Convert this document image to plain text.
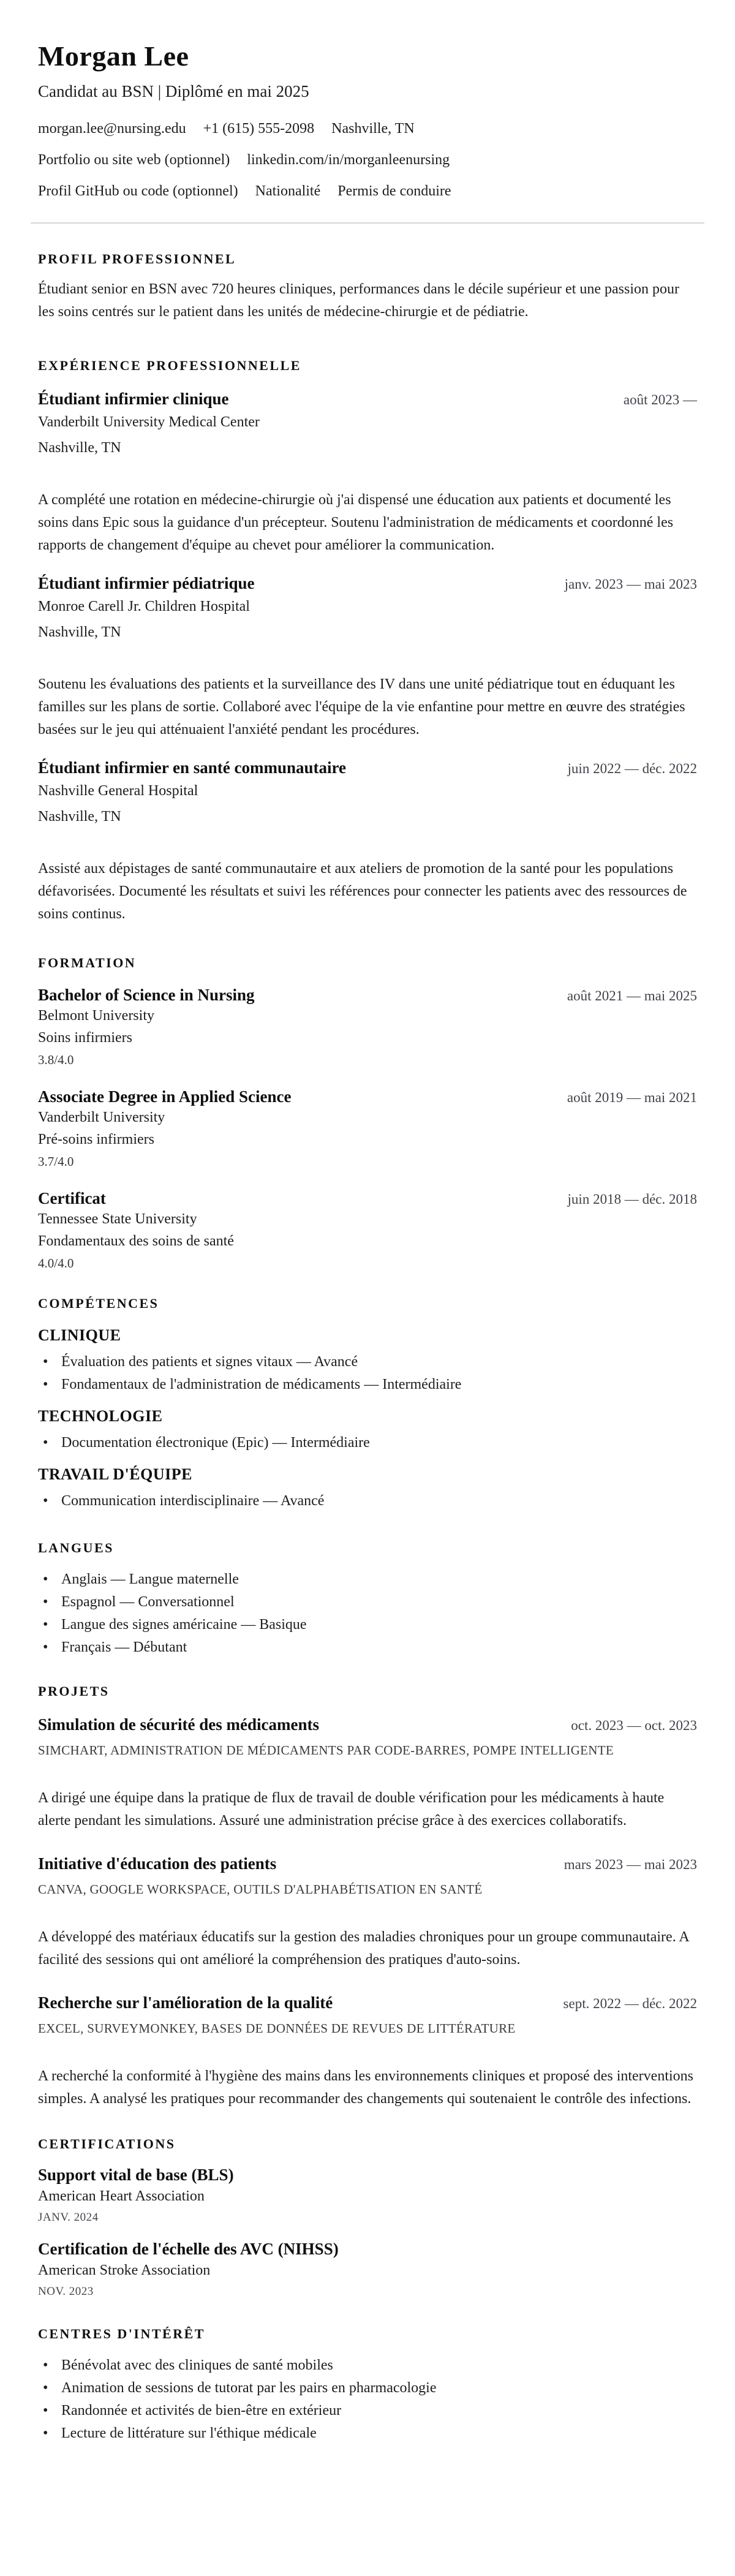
Morgan Lee
Candidat au BSN | Diplômé en mai 2025
morgan.lee@nursing.edu +1 (615) 555-2098 Nashville, TN
Portfolio ou site web (optionnel) linkedin.com/in/morganleenursing
Profil GitHub ou code (optionnel) Nationalité Permis de conduire
PROFIL PROFESSIONNEL

Étudiant senior en BSN avec 720 heures cliniques, performances dans le décile supérieur et une passion pour les soins centrés sur le patient dans les unités de médecine-chirurgie et de pédiatrie.

EXPÉRIENCE PROFESSIONNELLE
Étudiant infirmier clinique	août 2023 —
Vanderbilt University Medical Center
Nashville, TN

A complété une rotation en médecine-chirurgie où j'ai dispensé une éducation aux patients et documenté les soins dans Epic sous la guidance d'un précepteur. Soutenu l'administration de médicaments et coordonné les rapports de changement d'équipe au chevet pour améliorer la communication.

Étudiant infirmier pédiatrique	janv. 2023 — mai 2023
Monroe Carell Jr. Children Hospital
Nashville, TN

Soutenu les évaluations des patients et la surveillance des IV dans une unité pédiatrique tout en éduquant les familles sur les plans de sortie. Collaboré avec l'équipe de la vie enfantine pour mettre en œuvre des stratégies basées sur le jeu qui atténuaient l'anxiété pendant les procédures.

Étudiant infirmier en santé communautaire	juin 2022 — déc. 2022
Nashville General Hospital
Nashville, TN

Assisté aux dépistages de santé communautaire et aux ateliers de promotion de la santé pour les populations défavorisées. Documenté les résultats et suivi les références pour connecter les patients avec des ressources de soins continus.

FORMATION
Bachelor of Science in Nursing	août 2021 — mai 2025
Belmont University
Soins infirmiers
3.8/4.0
Associate Degree in Applied Science	août 2019 — mai 2021
Vanderbilt University
Pré-soins infirmiers
3.7/4.0
Certificat	juin 2018 — déc. 2018
Tennessee State University
Fondamentaux des soins de santé
4.0/4.0
COMPÉTENCES
CLINIQUE
• Évaluation des patients et signes vitaux — Avancé
• Fondamentaux de l'administration de médicaments — Intermédiaire
TECHNOLOGIE
• Documentation électronique (Epic) — Intermédiaire
TRAVAIL D'ÉQUIPE
• Communication interdisciplinaire — Avancé
LANGUES
• Anglais — Langue maternelle
• Espagnol — Conversationnel
• Langue des signes américaine — Basique
• Français — Débutant
PROJETS
Simulation de sécurité des médicaments	oct. 2023 — oct. 2023
SIMCHART, ADMINISTRATION DE MÉDICAMENTS PAR CODE-BARRES, POMPE INTELLIGENTE

A dirigé une équipe dans la pratique de flux de travail de double vérification pour les médicaments à haute alerte pendant les simulations. Assuré une administration précise grâce à des exercices collaboratifs.

Initiative d'éducation des patients	mars 2023 — mai 2023
CANVA, GOOGLE WORKSPACE, OUTILS D'ALPHABÉTISATION EN SANTÉ

A développé des matériaux éducatifs sur la gestion des maladies chroniques pour un groupe communautaire. A facilité des sessions qui ont amélioré la compréhension des pratiques d'auto-soins.

Recherche sur l'amélioration de la qualité	sept. 2022 — déc. 2022
EXCEL, SURVEYMONKEY, BASES DE DONNÉES DE REVUES DE LITTÉRATURE

A recherché la conformité à l'hygiène des mains dans les environnements cliniques et proposé des interventions simples. A analysé les pratiques pour recommander des changements qui soutenaient le contrôle des infections.

CERTIFICATIONS
Support vital de base (BLS)
American Heart Association
JANV. 2024
Certification de l'échelle des AVC (NIHSS)
American Stroke Association
NOV. 2023
CENTRES D'INTÉRÊT
• Bénévolat avec des cliniques de santé mobiles
• Animation de sessions de tutorat par les pairs en pharmacologie
• Randonnée et activités de bien-être en extérieur
• Lecture de littérature sur l'éthique médicale
